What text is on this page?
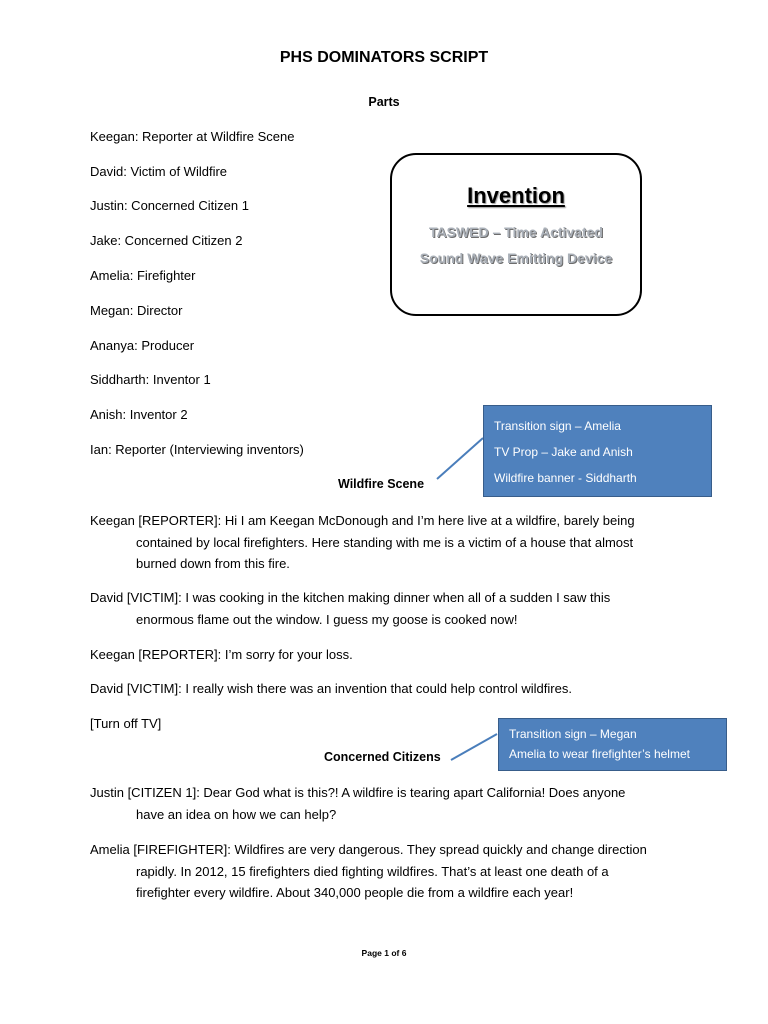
PHS DOMINATORS SCRIPT
Parts
Keegan: Reporter at Wildfire Scene
David: Victim of Wildfire
Justin: Concerned Citizen 1
Jake: Concerned Citizen 2
Amelia: Firefighter
Megan: Director
Ananya: Producer
Siddharth: Inventor 1
Anish: Inventor 2
Ian: Reporter (Interviewing inventors)
Invention
TASWED – Time Activated
Sound Wave Emitting Device
Transition sign – Amelia
TV Prop – Jake and Anish
Wildfire banner - Siddharth
Wildfire Scene
Keegan [REPORTER]: Hi I am Keegan McDonough and I’m here live at a wildfire, barely being
contained by local firefighters. Here standing with me is a victim of a house that almost
burned down from this fire.
David [VICTIM]: I was cooking in the kitchen making dinner when all of a sudden I saw this
enormous flame out the window. I guess my goose is cooked now!
Keegan [REPORTER]: I’m sorry for your loss.
David [VICTIM]: I really wish there was an invention that could help control wildfires.
[Turn off TV]
Transition sign – Megan
Amelia to wear firefighter’s helmet
Concerned Citizens
Justin [CITIZEN 1]: Dear God what is this?! A wildfire is tearing apart California! Does anyone
have an idea on how we can help?
Amelia [FIREFIGHTER]: Wildfires are very dangerous. They spread quickly and change direction
rapidly. In 2012, 15 firefighters died fighting wildfires. That’s at least one death of a
firefighter every wildfire. About 340,000 people die from a wildfire each year!
Page 1 of 6
